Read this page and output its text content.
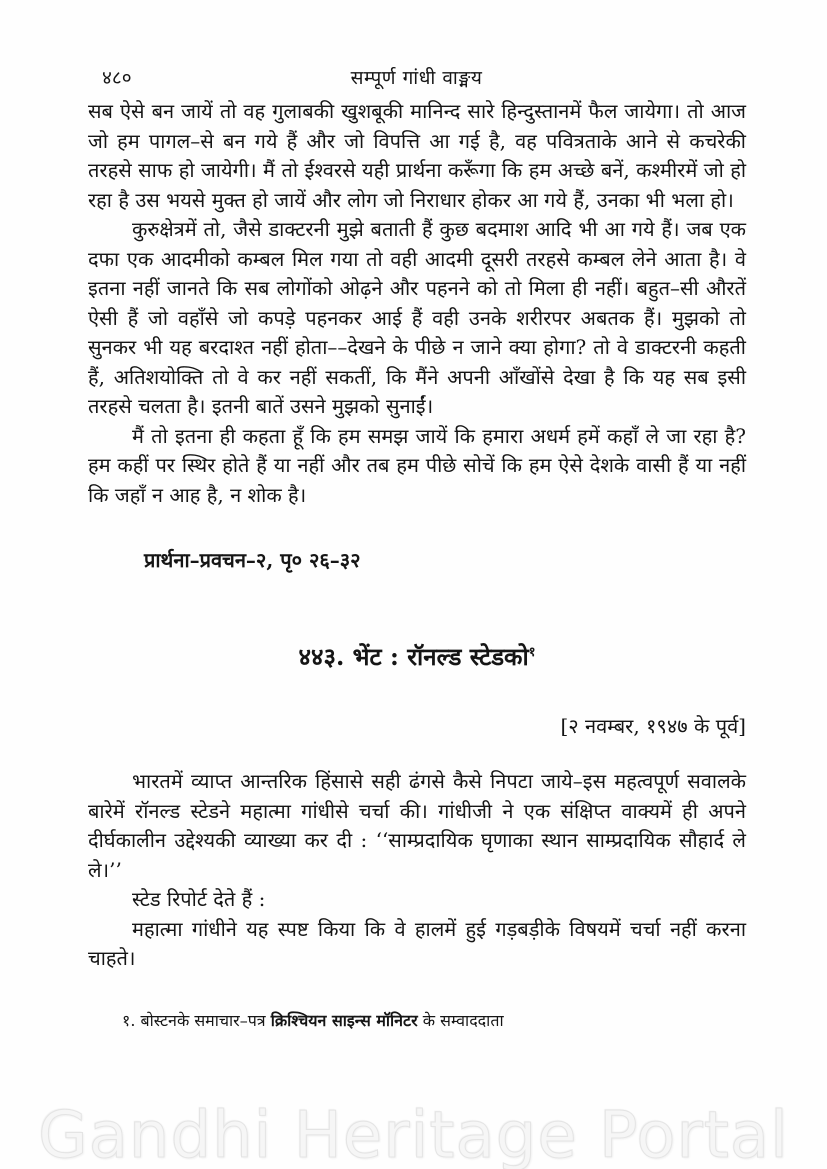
४८०	सम्पूर्ण गांधी वाङ्मय

सब ऐसे बन जायें तो वह गुलाबकी खुशबूकी मानिन्द सारे हिन्दुस्तानमें फैल जायेगा। तो आज जो हम पागल–से बन गये हैं और जो विपत्ति आ गई है, वह पवित्रताके आने से कचरेकी तरहसे साफ हो जायेगी। मैं तो ईश्वरसे यही प्रार्थना करूँगा कि हम अच्छे बनें, कश्मीरमें जो हो रहा है उस भयसे मुक्त हो जायें और लोग जो निराधार होकर आ गये हैं, उनका भी भला हो।

कुरुक्षेत्रमें तो, जैसे डाक्टरनी मुझे बताती हैं कुछ बदमाश आदि भी आ गये हैं। जब एक दफा एक आदमीको कम्बल मिल गया तो वही आदमी दूसरी तरहसे कम्बल लेने आता है। वे इतना नहीं जानते कि सब लोगोंको ओढ़ने और पहनने को तो मिला ही नहीं। बहुत–सी औरतें ऐसी हैं जो वहाँसे जो कपड़े पहनकर आई हैं वही उनके शरीरपर अबतक हैं। मुझको तो सुनकर भी यह बरदाश्त नहीं होता––देखने के पीछे न जाने क्या होगा? तो वे डाक्टरनी कहती हैं, अतिशयोक्ति तो वे कर नहीं सकतीं, कि मैंने अपनी आँखोंसे देखा है कि यह सब इसी तरहसे चलता है। इतनी बातें उसने मुझको सुनाईं।

मैं तो इतना ही कहता हूँ कि हम समझ जायें कि हमारा अधर्म हमें कहाँ ले जा रहा है? हम कहीं पर स्थिर होते हैं या नहीं और तब हम पीछे सोचें कि हम ऐसे देशके वासी हैं या नहीं कि जहाँ न आह है, न शोक है।

प्रार्थना–प्रवचन–२, पृ० २६–३२

४४३. भेंट : रॉनल्ड स्टेडको$^१$

[२ नवम्बर, १९४७ के पूर्व]

भारतमें व्याप्त आन्तरिक हिंसासे सही ढंगसे कैसे निपटा जाये–इस महत्वपूर्ण सवालके बारेमें रॉनल्ड स्टेडने महात्मा गांधीसे चर्चा की। गांधीजी ने एक संक्षिप्त वाक्यमें ही अपने दीर्घकालीन उद्देश्यकी व्याख्या कर दी : ‘‘साम्प्रदायिक घृणाका स्थान साम्प्रदायिक सौहार्द ले ले।’’

स्टेड रिपोर्ट देते हैं :

महात्मा गांधीने यह स्पष्ट किया कि वे हालमें हुई गड़बड़ीके विषयमें चर्चा नहीं करना चाहते।

१. बोस्टनके समाचार–पत्र क्रिश्चियन साइन्स मॉनिटर के सम्वाददाता
Gandhi Heritage Portal
